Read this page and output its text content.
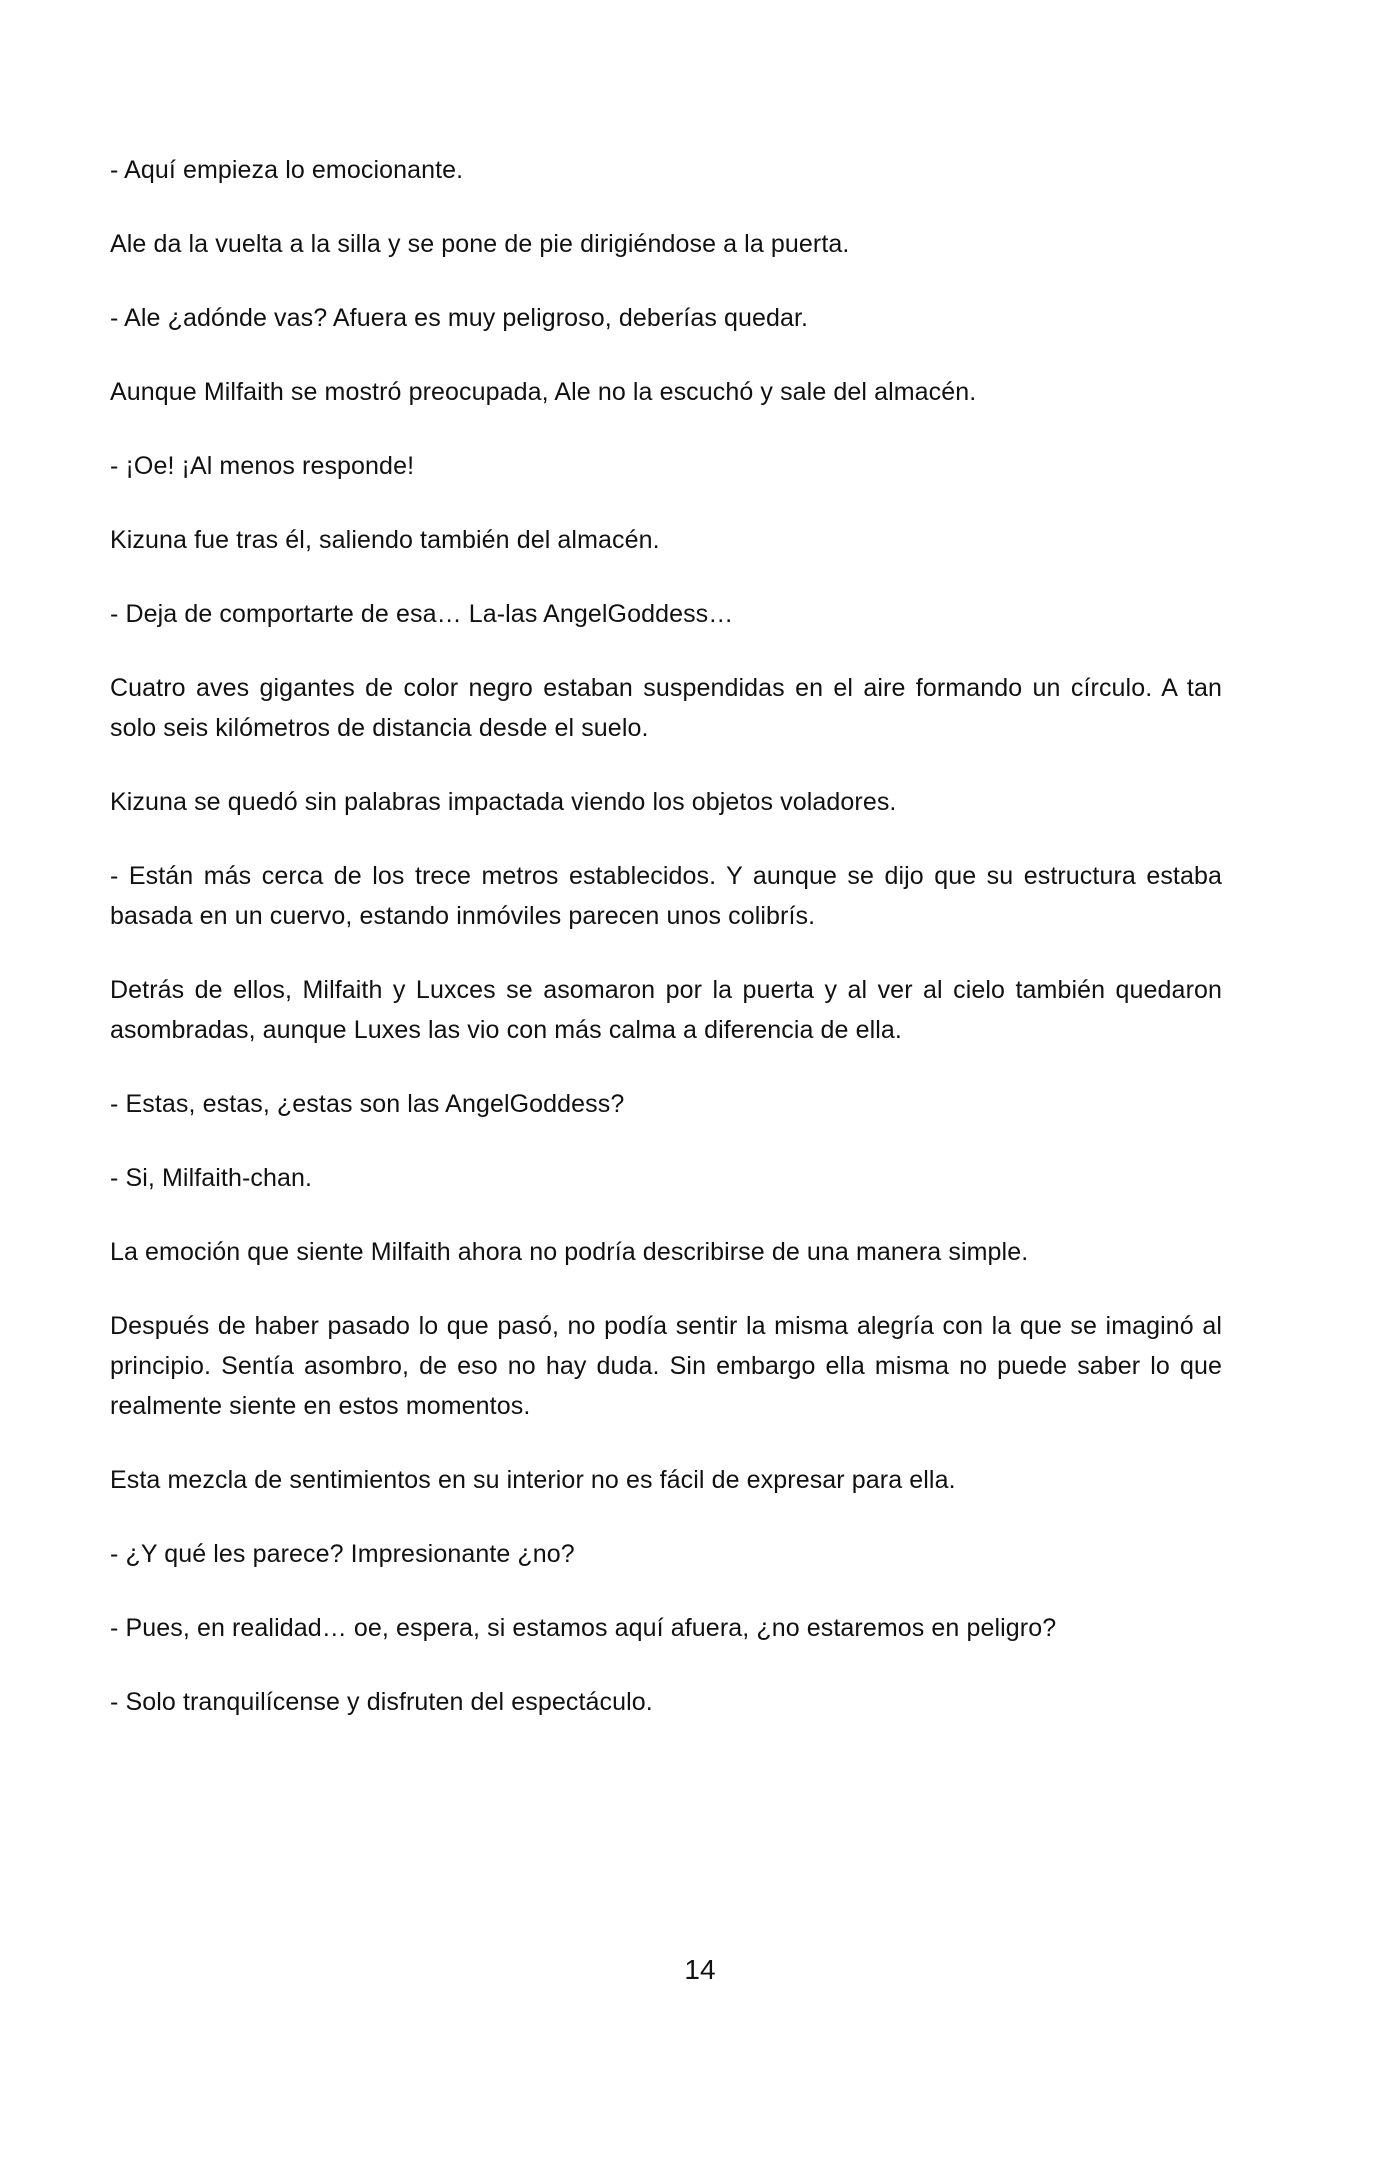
- Aquí empieza lo emocionante.

Ale da la vuelta a la silla y se pone de pie dirigiéndose a la puerta.

- Ale ¿adónde vas? Afuera es muy peligroso, deberías quedar.

Aunque Milfaith se mostró preocupada, Ale no la escuchó y sale del almacén.

- ¡Oe! ¡Al menos responde!

Kizuna fue tras él, saliendo también del almacén.

- Deja de comportarte de esa… La-las AngelGoddess…

Cuatro aves gigantes de color negro estaban suspendidas en el aire formando un círculo. A tan solo seis kilómetros de distancia desde el suelo.

Kizuna se quedó sin palabras impactada viendo los objetos voladores.

- Están más cerca de los trece metros establecidos. Y aunque se dijo que su estructura estaba basada en un cuervo, estando inmóviles parecen unos colibrís.

Detrás de ellos, Milfaith y Luxces se asomaron por la puerta y al ver al cielo también quedaron asombradas, aunque Luxes las vio con más calma a diferencia de ella.

- Estas, estas, ¿estas son las AngelGoddess?

- Si, Milfaith-chan.

La emoción que siente Milfaith ahora no podría describirse de una manera simple.

Después de haber pasado lo que pasó, no podía sentir la misma alegría con la que se imaginó al principio. Sentía asombro, de eso no hay duda. Sin embargo ella misma no puede saber lo que realmente siente en estos momentos.

Esta mezcla de sentimientos en su interior no es fácil de expresar para ella.

- ¿Y qué les parece? Impresionante ¿no?

- Pues, en realidad… oe, espera, si estamos aquí afuera, ¿no estaremos en peligro?

- Solo tranquilícense y disfruten del espectáculo.

14
